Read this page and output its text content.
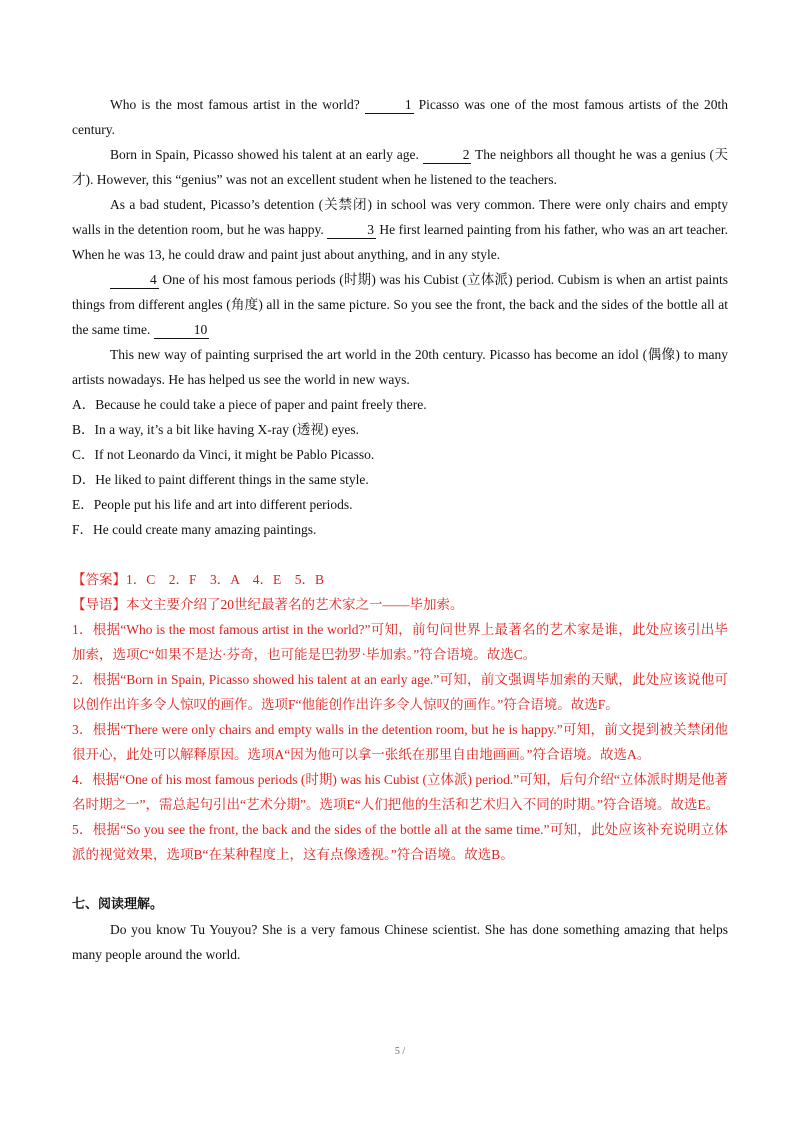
Who is the most famous artist in the world?	1 Picasso was one of the most famous artists of the 20th century.

Born in Spain, Picasso showed his talent at an early age.	2 The neighbors all thought he was a genius (天才). However, this “genius” was not an excellent student when he listened to the teachers.

As a bad student, Picasso’s detention (关禁闭) in school was very common. There were only chairs and empty walls in the detention room, but he was happy.	3 He first learned painting from his father, who was an art teacher. When he was 13, he could draw and paint just about anything, and in any style.

4 One of his most famous periods (时期) was his Cubist (立体派) period. Cubism is when an artist paints things from different angles (角度) all in the same picture. So you see the front, the back and the sides of the bottle all at the same time.	10

This new way of painting surprised the art world in the 20th century. Picasso has become an idol (偶像) to many artists nowadays. He has helped us see the world in new ways.

A．Because he could take a piece of paper and paint freely there.
B．In a way, it’s a bit like having X-ray (透视) eyes.
C．If not Leonardo da Vinci, it might be Pablo Picasso.
D．He liked to paint different things in the same style.
E．People put his life and art into different periods.
F．He could create many amazing paintings.

【答案】1．C　2．F　3．A　4．E　5．B

【导语】本文主要介绍了20世纪最著名的艺术家之一——毕加索。

1．根据“Who is the most famous artist in the world?”可知，前句问世界上最著名的艺术家是谁，此处应该引出毕加索，选项C“如果不是达·芬奇，也可能是巴勃罗·毕加索。”符合语境。故选C。

2．根据“Born in Spain, Picasso showed his talent at an early age.”可知，前文强调毕加索的天赋，此处应该说他可以创作出许多令人惊叹的画作。选项F“他能创作出许多令人惊叹的画作。”符合语境。故选F。

3．根据“There were only chairs and empty walls in the detention room, but he is happy.”可知，前文提到被关禁闭他很开心，此处可以解释原因。选项A“因为他可以拿一张纸在那里自由地画画。”符合语境。故选A。

4．根据“One of his most famous periods (时期) was his Cubist (立体派) period.”可知，后句介绍“立体派时期是他著名时期之一”，需总起句引出“艺术分期”。选项E“人们把他的生活和艺术归入不同的时期。”符合语境。故选E。

5．根据“So you see the front, the back and the sides of the bottle all at the same time.”可知，此处应该补充说明立体派的视觉效果，选项B“在某种程度上，这有点像透视。”符合语境。故选B。

七、阅读理解。

Do you know Tu Youyou? She is a very famous Chinese scientist. She has done something amazing that helps many people around the world.

5 /
